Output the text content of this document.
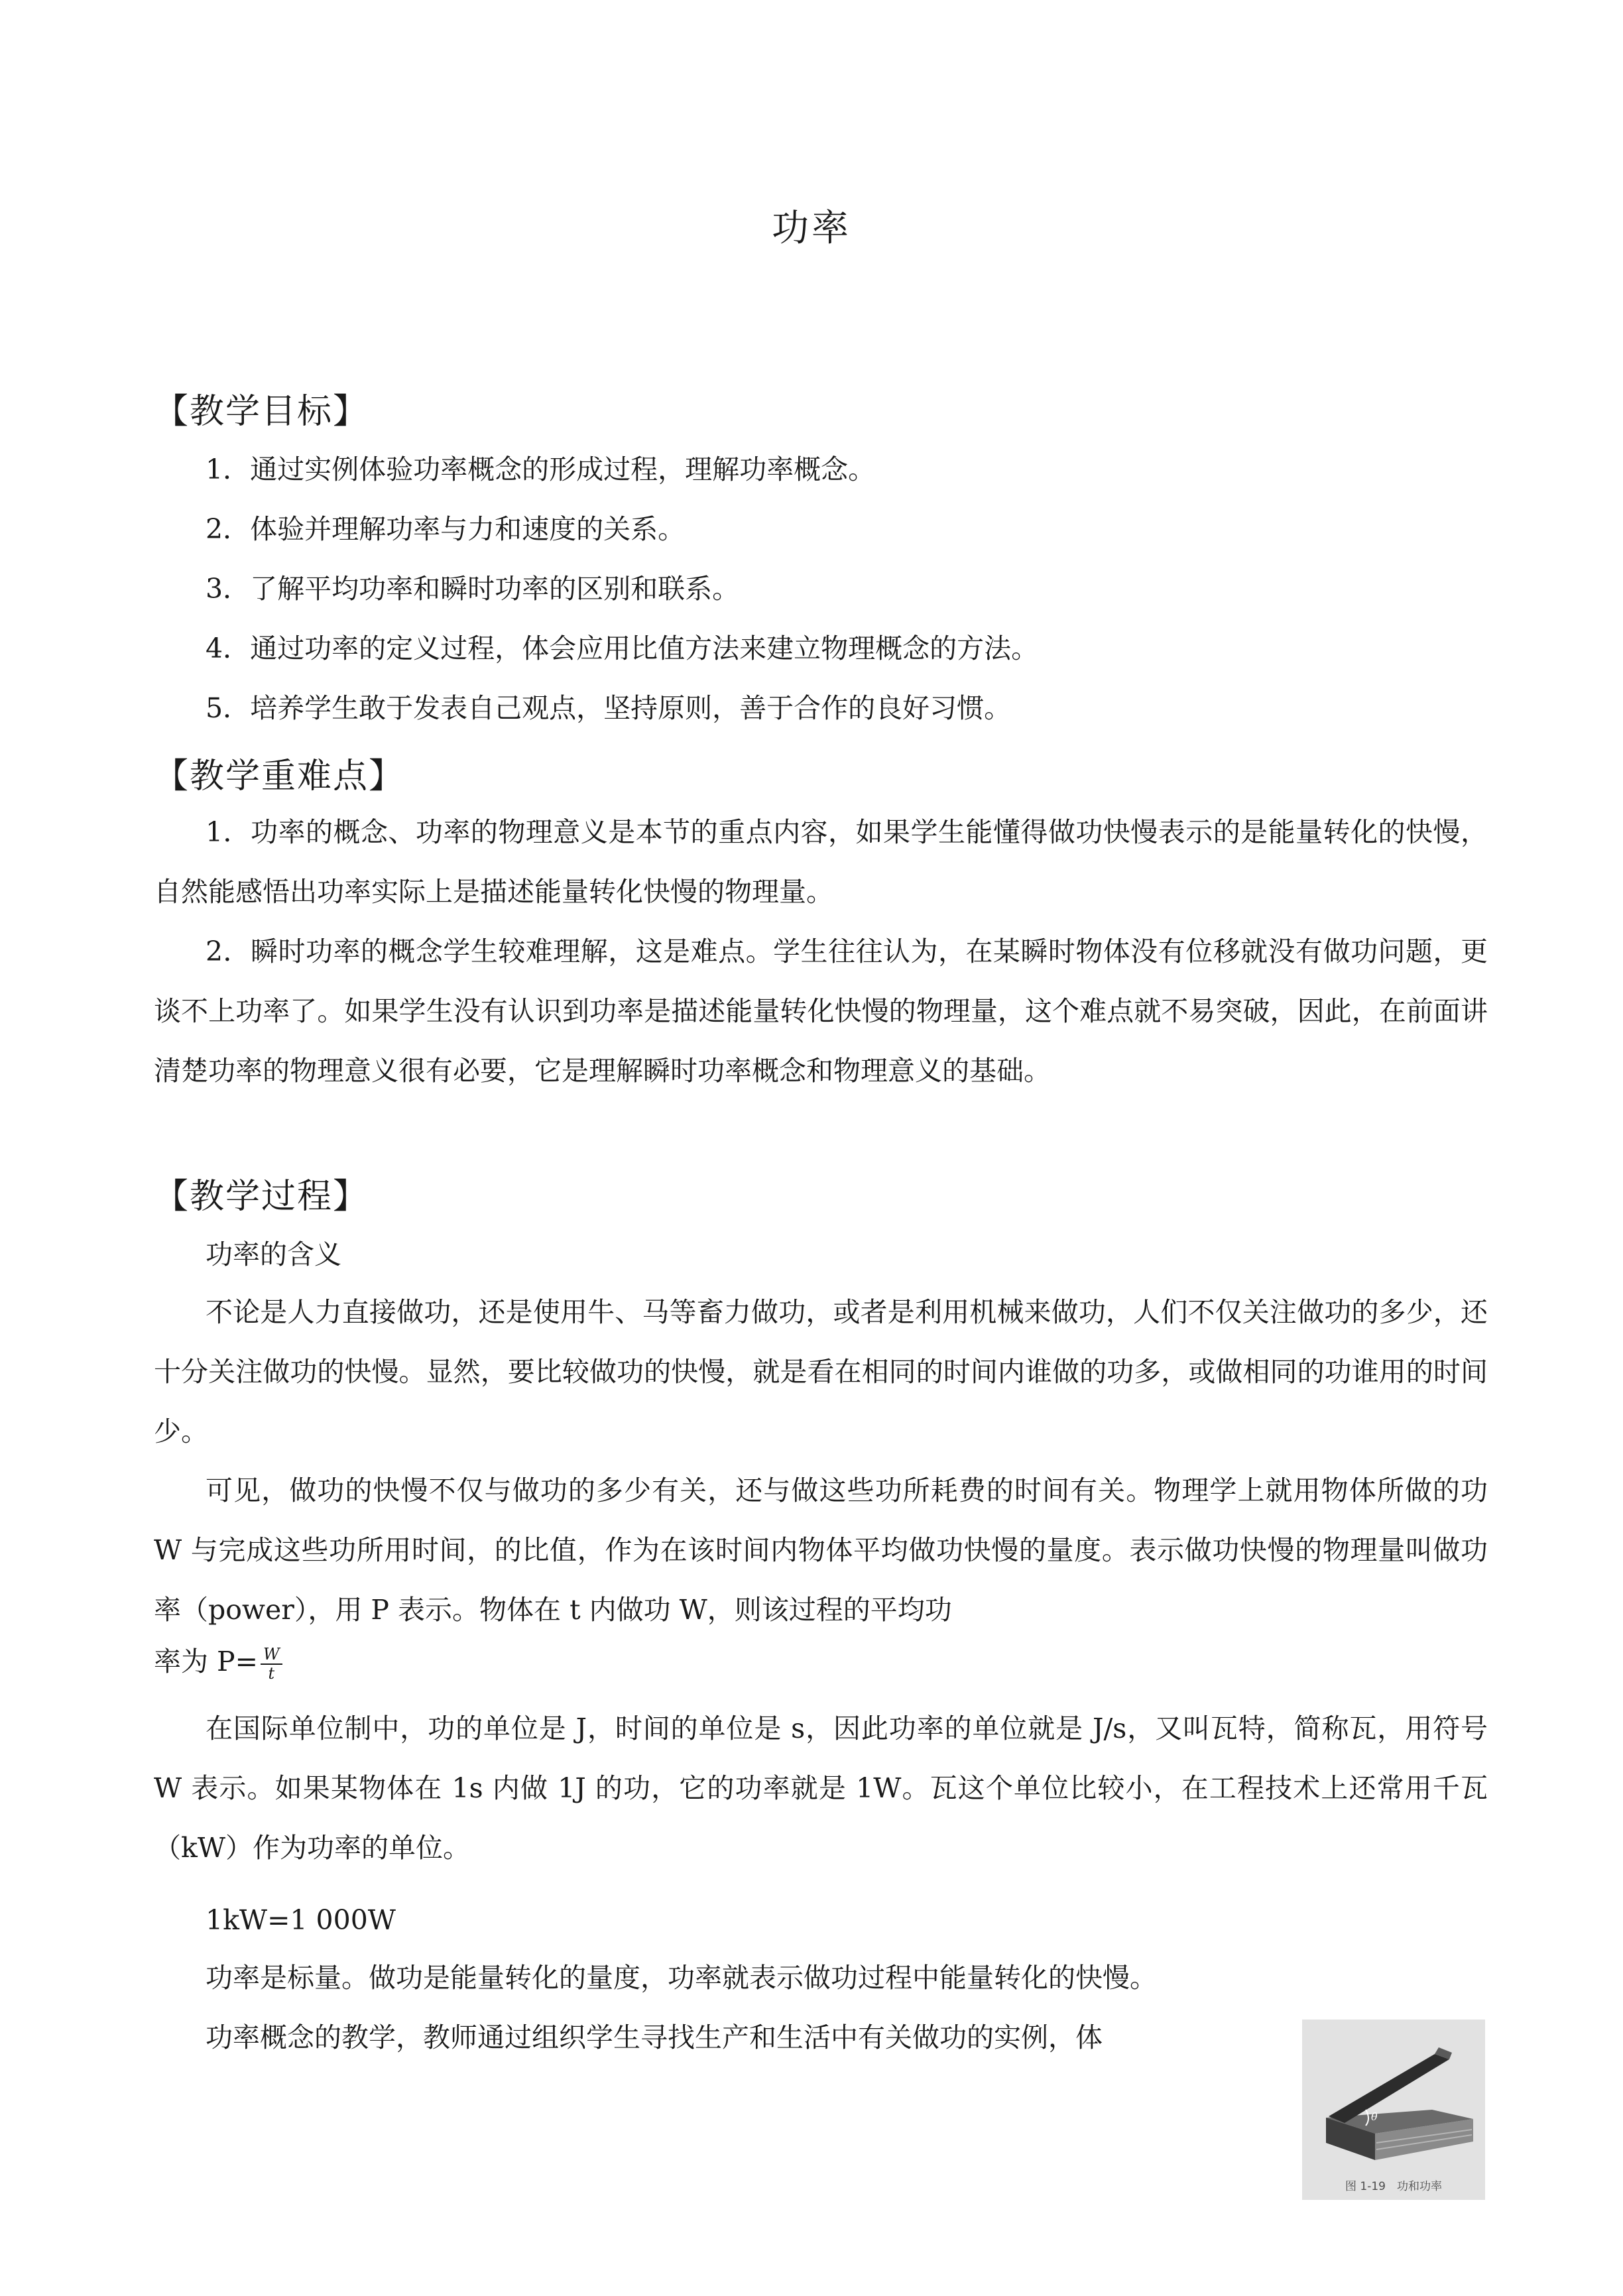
功率
【教学目标】
1．通过实例体验功率概念的形成过程，理解功率概念。
2．体验并理解功率与力和速度的关系。
3．了解平均功率和瞬时功率的区别和联系。
4．通过功率的定义过程，体会应用比值方法来建立物理概念的方法。
5．培养学生敢于发表自己观点，坚持原则，善于合作的良好习惯。
【教学重难点】
1．功率的概念、功率的物理意义是本节的重点内容，如果学生能懂得做功快慢表示的是能量转化的快慢，自然能感悟出功率实际上是描述能量转化快慢的物理量。
2．瞬时功率的概念学生较难理解，这是难点。学生往往认为，在某瞬时物体没有位移就没有做功问题，更谈不上功率了。如果学生没有认识到功率是描述能量转化快慢的物理量，这个难点就不易突破，因此，在前面讲清楚功率的物理意义很有必要，它是理解瞬时功率概念和物理意义的基础。
【教学过程】
功率的含义
不论是人力直接做功，还是使用牛、马等畜力做功，或者是利用机械来做功，人们不仅关注做功的多少，还十分关注做功的快慢。显然，要比较做功的快慢，就是看在相同的时间内谁做的功多，或做相同的功谁用的时间少。
可见，做功的快慢不仅与做功的多少有关，还与做这些功所耗费的时间有关。物理学上就用物体所做的功 W 与完成这些功所用时间，的比值，作为在该时间内物体平均做功快慢的量度。表示做功快慢的物理量叫做功率（power），用 P 表示。物体在 t 内做功 W，则该过程的平均功
率为 $P= \frac{W}{t}$
在国际单位制中，功的单位是 J，时间的单位是 s，因此功率的单位就是 J/s，又叫瓦特，简称瓦，用符号 W 表示。如果某物体在 1s 内做 1J 的功，它的功率就是 1W。瓦这个单位比较小，在工程技术上还常用千瓦（kW）作为功率的单位。
1kW=1 000W
功率是标量。做功是能量转化的量度，功率就表示做功过程中能量转化的快慢。
功率概念的教学，教师通过组织学生寻找生产和生活中有关做功的实例，体
θ
图 1-19　功和功率
